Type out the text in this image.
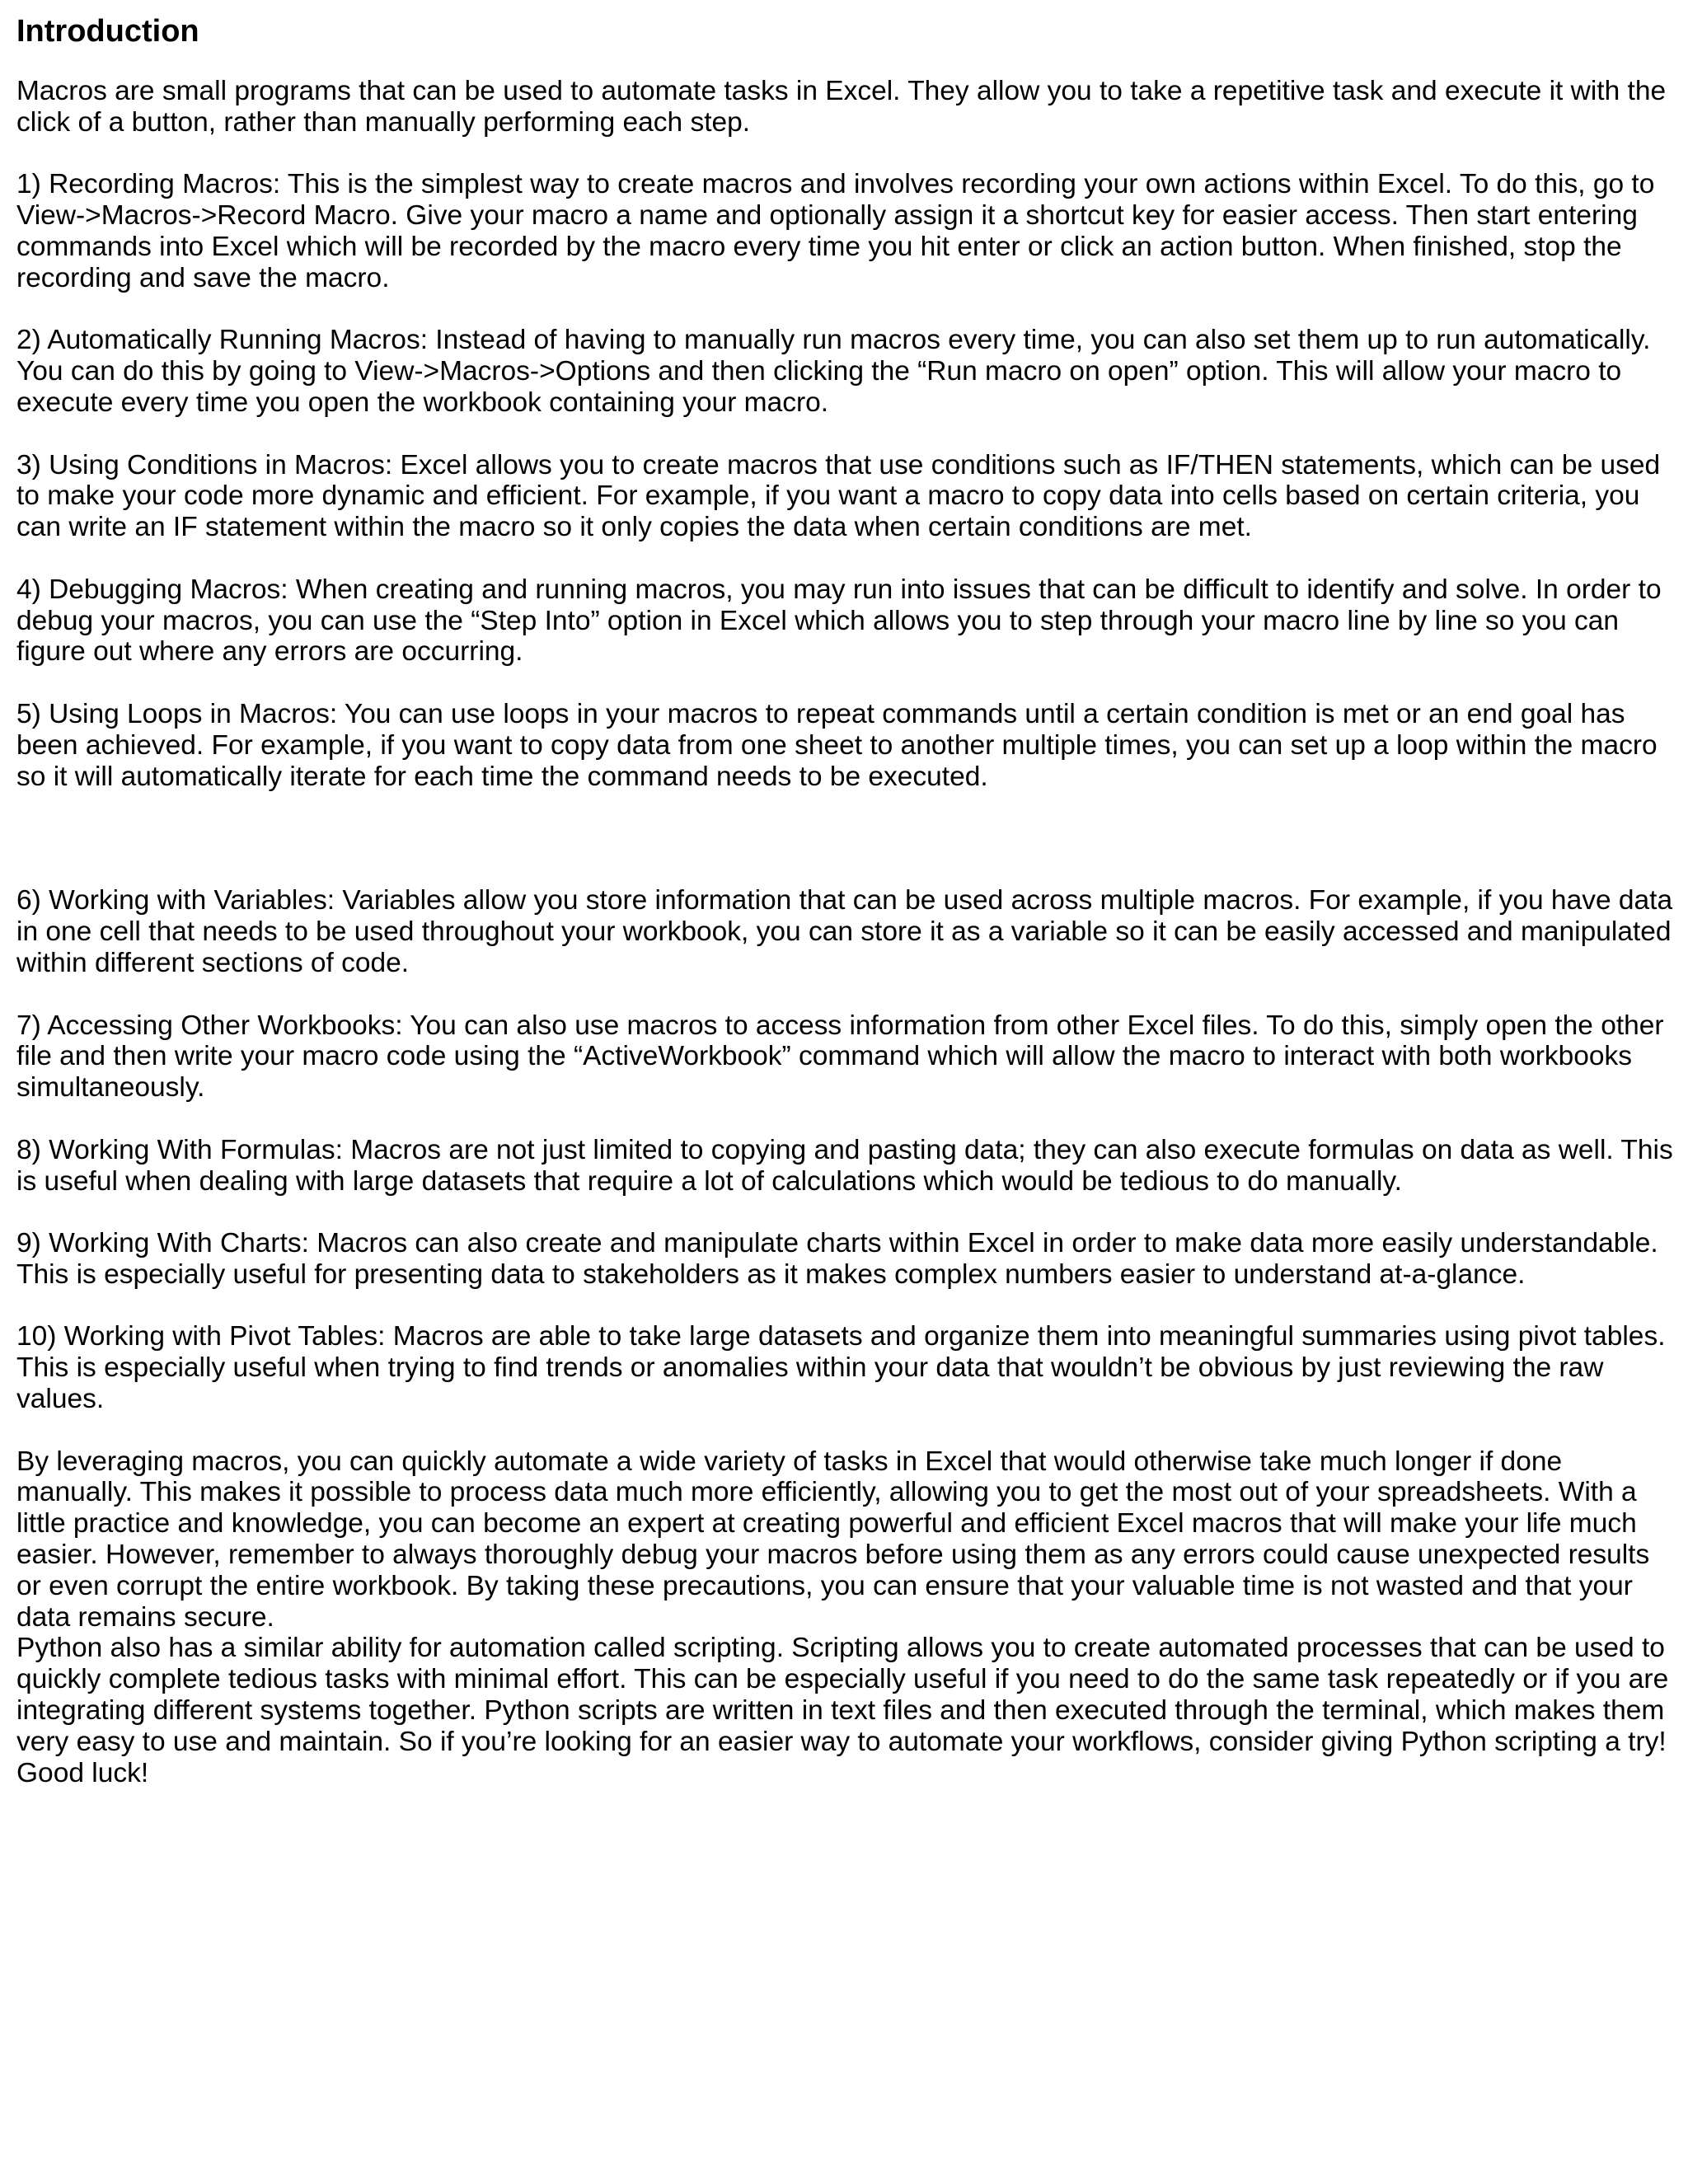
Introduction
Macros are small programs that can be used to automate tasks in Excel. They allow you to take a repetitive task and execute it with the click of a button, rather than manually performing each step.
1) Recording Macros: This is the simplest way to create macros and involves recording your own actions within Excel. To do this, go to View->Macros->Record Macro. Give your macro a name and optionally assign it a shortcut key for easier access. Then start entering commands into Excel which will be recorded by the macro every time you hit enter or click an action button. When finished, stop the recording and save the macro.
2) Automatically Running Macros: Instead of having to manually run macros every time, you can also set them up to run automatically. You can do this by going to View->Macros->Options and then clicking the “Run macro on open” option. This will allow your macro to execute every time you open the workbook containing your macro.
3) Using Conditions in Macros: Excel allows you to create macros that use conditions such as IF/THEN statements, which can be used to make your code more dynamic and efficient. For example, if you want a macro to copy data into cells based on certain criteria, you can write an IF statement within the macro so it only copies the data when certain conditions are met.
4) Debugging Macros: When creating and running macros, you may run into issues that can be difficult to identify and solve. In order to debug your macros, you can use the “Step Into” option in Excel which allows you to step through your macro line by line so you can figure out where any errors are occurring.
5) Using Loops in Macros: You can use loops in your macros to repeat commands until a certain condition is met or an end goal has been achieved. For example, if you want to copy data from one sheet to another multiple times, you can set up a loop within the macro so it will automatically iterate for each time the command needs to be executed.
6) Working with Variables: Variables allow you store information that can be used across multiple macros. For example, if you have data in one cell that needs to be used throughout your workbook, you can store it as a variable so it can be easily accessed and manipulated within different sections of code.
7) Accessing Other Workbooks: You can also use macros to access information from other Excel files. To do this, simply open the other file and then write your macro code using the “ActiveWorkbook” command which will allow the macro to interact with both workbooks simultaneously.
8) Working With Formulas: Macros are not just limited to copying and pasting data; they can also execute formulas on data as well. This is useful when dealing with large datasets that require a lot of calculations which would be tedious to do manually.
9) Working With Charts: Macros can also create and manipulate charts within Excel in order to make data more easily understandable. This is especially useful for presenting data to stakeholders as it makes complex numbers easier to understand at-a-glance.
10) Working with Pivot Tables: Macros are able to take large datasets and organize them into meaningful summaries using pivot tables. This is especially useful when trying to find trends or anomalies within your data that wouldn’t be obvious by just reviewing the raw values.
By leveraging macros, you can quickly automate a wide variety of tasks in Excel that would otherwise take much longer if done manually. This makes it possible to process data much more efficiently, allowing you to get the most out of your spreadsheets. With a little practice and knowledge, you can become an expert at creating powerful and efficient Excel macros that will make your life much easier. However, remember to always thoroughly debug your macros before using them as any errors could cause unexpected results or even corrupt the entire workbook. By taking these precautions, you can ensure that your valuable time is not wasted and that your data remains secure.
Python also has a similar ability for automation called scripting. Scripting allows you to create automated processes that can be used to quickly complete tedious tasks with minimal effort. This can be especially useful if you need to do the same task repeatedly or if you are integrating different systems together. Python scripts are written in text files and then executed through the terminal, which makes them very easy to use and maintain. So if you’re looking for an easier way to automate your workflows, consider giving Python scripting a try! Good luck!
